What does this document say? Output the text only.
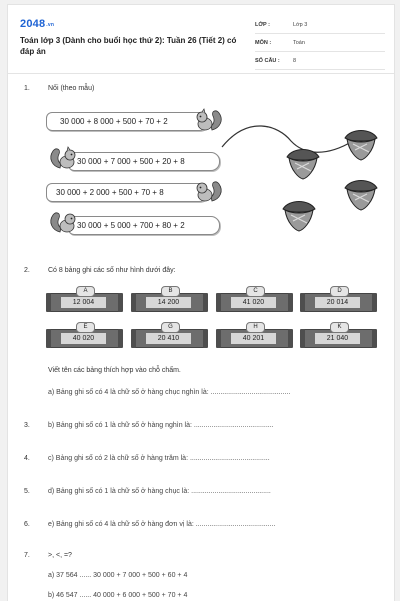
2048.vn
Toán lớp 3 (Dành cho buổi học thứ 2): Tuần 26 (Tiết 2) có đáp án
LỚP :	Lớp 3
MÔN :	Toán
SỐ CÂU : 8
1.	Nối (theo mẫu)
30 000 + 8 000 + 500 + 70 + 2
30 000 + 7 000 + 500 + 20 + 8
30 000 + 2 000 + 500 + 70 + 8
30 000 + 5 000 + 700 + 80 + 2
2.	Có 8 bảng ghi các số như hình dưới đây:
12 004
A
14 200
B
41 020
C
20 014
D
40 020
E
20 410
G
40 201
H
21 040
K
Viết tên các bảng thích hợp vào chỗ chấm.
a) Bảng ghi số có 4 là chữ số ở hàng chục nghìn là: .........................................
3.	b) Bảng ghi số có 1 là chữ số ở hàng nghìn là: .........................................
4.	c) Bảng ghi số có 2 là chữ số ở hàng trăm là: .........................................
5.	d) Bảng ghi số có 1 là chữ số ở hàng chục là: .........................................
6.	e) Bảng ghi số có 4 là chữ số ở hàng đơn vị là: .........................................
7.	>, <, =?
a) 37 564 ...... 30 000 + 7 000 + 500 + 60 + 4
b) 46 547 ...... 40 000 + 6 000 + 500 + 70 + 4
